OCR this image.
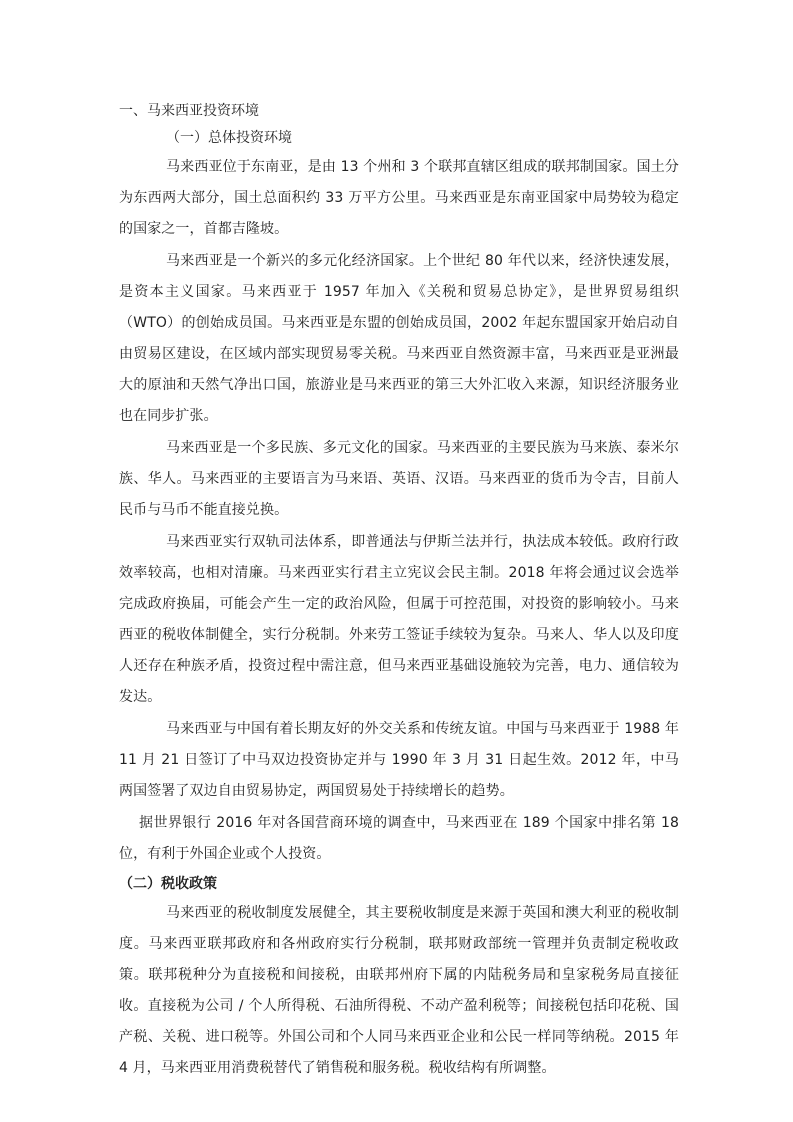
一、马来西亚投资环境
（一）总体投资环境

马来西亚位于东南亚，是由 13 个州和 3 个联邦直辖区组成的联邦制国家。国土分为东西两大部分，国土总面积约 33 万平方公里。马来西亚是东南亚国家中局势较为稳定的国家之一，首都吉隆坡。

马来西亚是一个新兴的多元化经济国家。上个世纪 80 年代以来，经济快速发展，是资本主义国家。马来西亚于 1957 年加入《关税和贸易总协定》，是世界贸易组织（WTO）的创始成员国。马来西亚是东盟的创始成员国，2002 年起东盟国家开始启动自由贸易区建设，在区域内部实现贸易零关税。马来西亚自然资源丰富，马来西亚是亚洲最大的原油和天然气净出口国，旅游业是马来西亚的第三大外汇收入来源，知识经济服务业也在同步扩张。

马来西亚是一个多民族、多元文化的国家。马来西亚的主要民族为马来族、泰米尔族、华人。马来西亚的主要语言为马来语、英语、汉语。马来西亚的货币为令吉，目前人民币与马币不能直接兑换。

马来西亚实行双轨司法体系，即普通法与伊斯兰法并行，执法成本较低。政府行政效率较高，也相对清廉。马来西亚实行君主立宪议会民主制。2018 年将会通过议会选举完成政府换届，可能会产生一定的政治风险，但属于可控范围，对投资的影响较小。马来西亚的税收体制健全，实行分税制。外来劳工签证手续较为复杂。马来人、华人以及印度人还存在种族矛盾，投资过程中需注意，但马来西亚基础设施较为完善，电力、通信较为发达。

马来西亚与中国有着长期友好的外交关系和传统友谊。中国与马来西亚于 1988 年 11 月 21 日签订了中马双边投资协定并与 1990 年 3 月 31 日起生效。2012 年，中马两国签署了双边自由贸易协定，两国贸易处于持续增长的趋势。

据世界银行 2016 年对各国营商环境的调查中，马来西亚在 189 个国家中排名第 18 位，有利于外国企业或个人投资。

（二）税收政策

马来西亚的税收制度发展健全，其主要税收制度是来源于英国和澳大利亚的税收制度。马来西亚联邦政府和各州政府实行分税制，联邦财政部统一管理并负责制定税收政策。联邦税种分为直接税和间接税，由联邦州府下属的内陆税务局和皇家税务局直接征收。直接税为公司 / 个人所得税、石油所得税、不动产盈利税等；间接税包括印花税、国产税、关税、进口税等。外国公司和个人同马来西亚企业和公民一样同等纳税。2015 年 4 月，马来西亚用消费税替代了销售税和服务税。税收结构有所调整。
